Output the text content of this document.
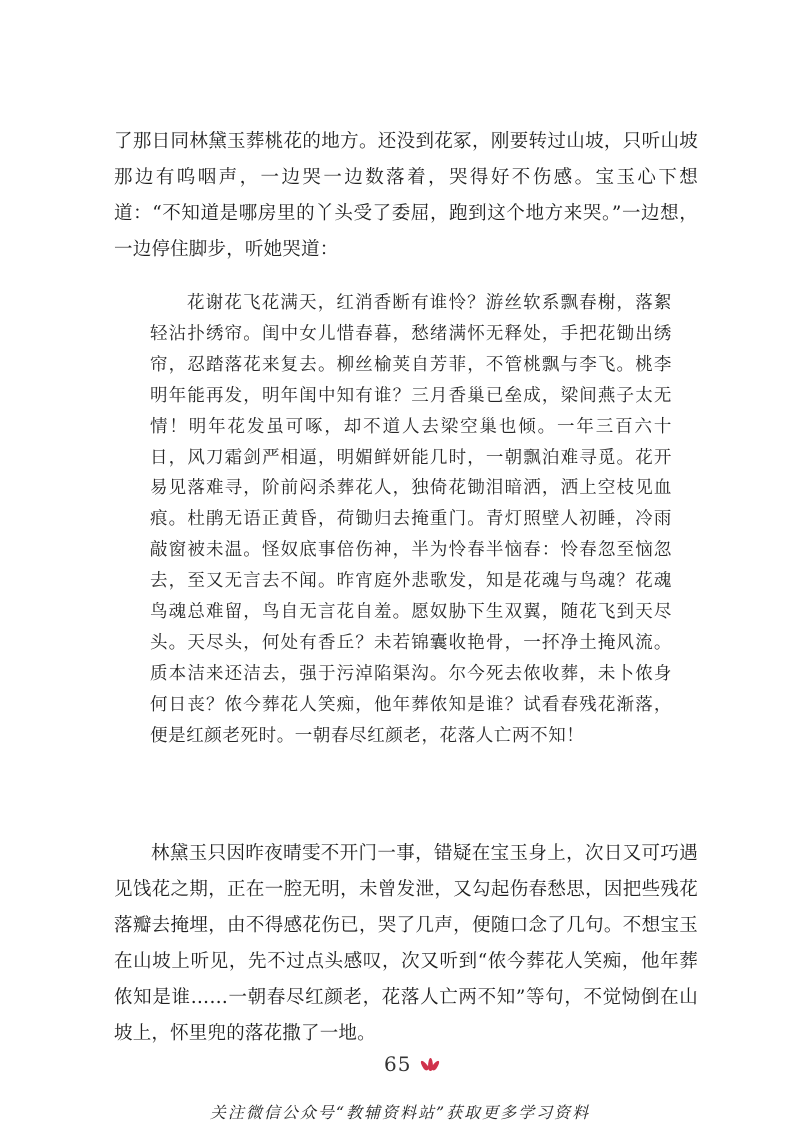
了那日同林黛玉葬桃花的地方。还没到花冢，刚要转过山坡，只听山坡那边有呜咽声，一边哭一边数落着，哭得好不伤感。宝玉心下想道：“不知道是哪房里的丫头受了委屈，跑到这个地方来哭。”一边想，一边停住脚步，听她哭道：

花谢花飞花满天，红消香断有谁怜？游丝软系飘春榭，落絮轻沾扑绣帘。闺中女儿惜春暮，愁绪满怀无释处，手把花锄出绣帘，忍踏落花来复去。柳丝榆荚自芳菲，不管桃飘与李飞。桃李明年能再发，明年闺中知有谁？三月香巢已垒成，梁间燕子太无情！明年花发虽可啄，却不道人去梁空巢也倾。一年三百六十日，风刀霜剑严相逼，明媚鲜妍能几时，一朝飘泊难寻觅。花开易见落难寻，阶前闷杀葬花人，独倚花锄泪暗洒，洒上空枝见血痕。杜鹃无语正黄昏，荷锄归去掩重门。青灯照壁人初睡，冷雨敲窗被未温。怪奴底事倍伤神，半为怜春半恼春：怜春忽至恼忽去，至又无言去不闻。昨宵庭外悲歌发，知是花魂与鸟魂？花魂鸟魂总难留，鸟自无言花自羞。愿奴胁下生双翼，随花飞到天尽头。天尽头，何处有香丘？未若锦囊收艳骨，一抔净土掩风流。质本洁来还洁去，强于污淖陷渠沟。尔今死去侬收葬，未卜侬身何日丧？侬今葬花人笑痴，他年葬侬知是谁？试看春残花渐落，便是红颜老死时。一朝春尽红颜老，花落人亡两不知！

林黛玉只因昨夜晴雯不开门一事，错疑在宝玉身上，次日又可巧遇见饯花之期，正在一腔无明，未曾发泄，又勾起伤春愁思，因把些残花落瓣去掩埋，由不得感花伤已，哭了几声，便随口念了几句。不想宝玉在山坡上听见，先不过点头感叹，次又听到“侬今葬花人笑痴，他年葬侬知是谁……一朝春尽红颜老，花落人亡两不知”等句，不觉恸倒在山坡上，怀里兜的落花撒了一地。

65
关注微信公众号“教辅资料站”获取更多学习资料
